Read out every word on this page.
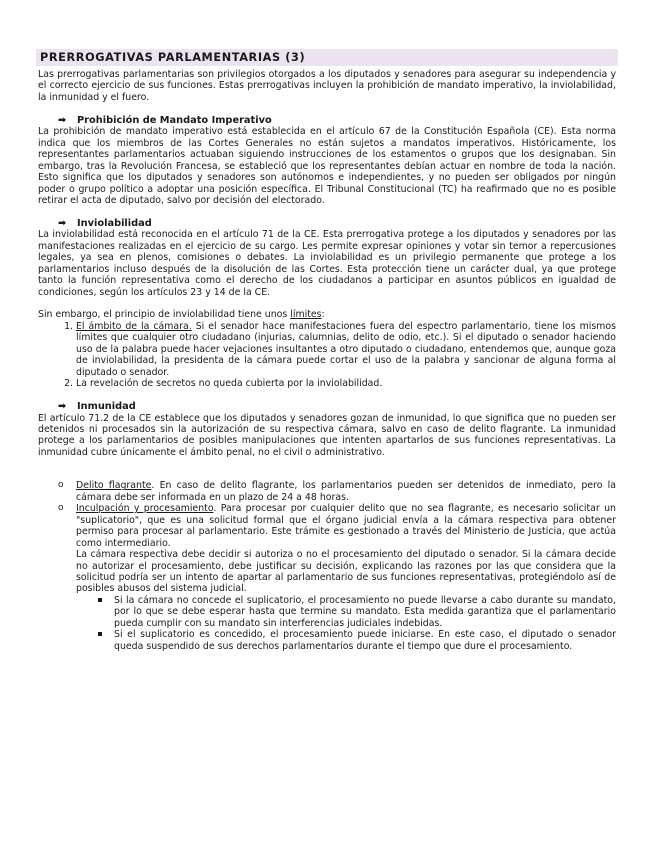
PRERROGATIVAS PARLAMENTARIAS (3)

Las prerrogativas parlamentarias son privilegios otorgados a los diputados y senadores para asegurar su independencia y el correcto ejercicio de sus funciones. Estas prerrogativas incluyen la prohibición de mandato imperativo, la inviolabilidad, la inmunidad y el fuero.

➡ Prohibición de Mandato Imperativo

La prohibición de mandato imperativo está establecida en el artículo 67 de la Constitución Española (CE). Esta norma indica que los miembros de las Cortes Generales no están sujetos a mandatos imperativos. Históricamente, los representantes parlamentarios actuaban siguiendo instrucciones de los estamentos o grupos que los designaban. Sin embargo, tras la Revolución Francesa, se estableció que los representantes debían actuar en nombre de toda la nación. Esto significa que los diputados y senadores son autónomos e independientes, y no pueden ser obligados por ningún poder o grupo político a adoptar una posición específica. El Tribunal Constitucional (TC) ha reafirmado que no es posible retirar el acta de diputado, salvo por decisión del electorado.

➡ Inviolabilidad

La inviolabilidad está reconocida en el artículo 71 de la CE. Esta prerrogativa protege a los diputados y senadores por las manifestaciones realizadas en el ejercicio de su cargo. Les permite expresar opiniones y votar sin temor a repercusiones legales, ya sea en plenos, comisiones o debates. La inviolabilidad es un privilegio permanente que protege a los parlamentarios incluso después de la disolución de las Cortes. Esta protección tiene un carácter dual, ya que protege tanto la función representativa como el derecho de los ciudadanos a participar en asuntos públicos en igualdad de condiciones, según los artículos 23 y 14 de la CE.

Sin embargo, el principio de inviolabilidad tiene unos límites:

1. El ámbito de la cámara. Si el senador hace manifestaciones fuera del espectro parlamentario, tiene los mismos límites que cualquier otro ciudadano (injurias, calumnias, delito de odio, etc.). Si el diputado o senador haciendo uso de la palabra puede hacer vejaciones insultantes a otro diputado o ciudadano, entendemos que, aunque goza de inviolabilidad, la presidenta de la cámara puede cortar el uso de la palabra y sancionar de alguna forma al diputado o senador.
2. La revelación de secretos no queda cubierta por la inviolabilidad.
➡ Inmunidad

El artículo 71.2 de la CE establece que los diputados y senadores gozan de inmunidad, lo que significa que no pueden ser detenidos ni procesados sin la autorización de su respectiva cámara, salvo en caso de delito flagrante. La inmunidad protege a los parlamentarios de posibles manipulaciones que intenten apartarlos de sus funciones representativas. La inmunidad cubre únicamente el ámbito penal, no el civil o administrativo.

o Delito flagrante. En caso de delito flagrante, los parlamentarios pueden ser detenidos de inmediato, pero la cámara debe ser informada en un plazo de 24 a 48 horas.
o Inculpación y procesamiento. Para procesar por cualquier delito que no sea flagrante, es necesario solicitar un "suplicatorio", que es una solicitud formal que el órgano judicial envía a la cámara respectiva para obtener permiso para procesar al parlamentario. Este trámite es gestionado a través del Ministerio de Justicia, que actúa como intermediario.

La cámara respectiva debe decidir si autoriza o no el procesamiento del diputado o senador. Si la cámara decide no autorizar el procesamiento, debe justificar su decisión, explicando las razones por las que considera que la solicitud podría ser un intento de apartar al parlamentario de sus funciones representativas, protegiéndolo así de posibles abusos del sistema judicial.

Si la cámara no concede el suplicatorio, el procesamiento no puede llevarse a cabo durante su mandato, por lo que se debe esperar hasta que termine su mandato. Esta medida garantiza que el parlamentario pueda cumplir con su mandato sin interferencias judiciales indebidas.
Si el suplicatorio es concedido, el procesamiento puede iniciarse. En este caso, el diputado o senador queda suspendido de sus derechos parlamentarios durante el tiempo que dure el procesamiento.
